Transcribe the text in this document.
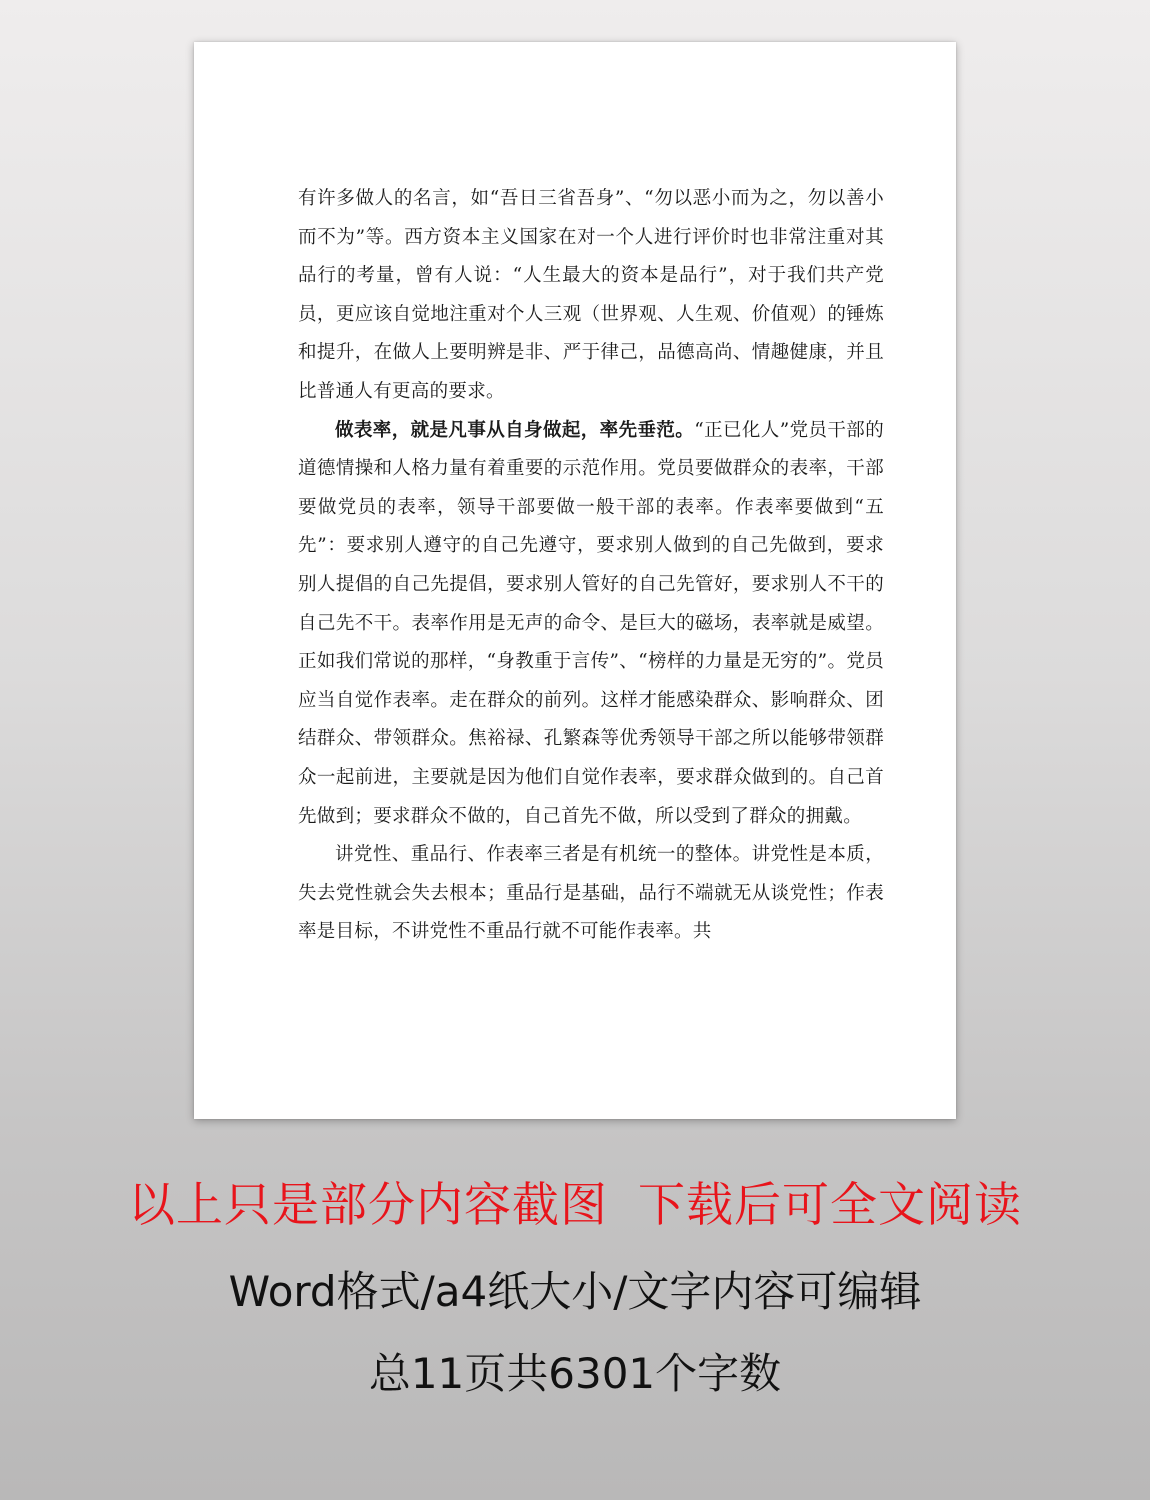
有许多做人的名言，如“吾日三省吾身”、“勿以恶小而为之，勿以善小而不为”等。西方资本主义国家在对一个人进行评价时也非常注重对其品行的考量，曾有人说：“人生最大的资本是品行”，对于我们共产党员，更应该自觉地注重对个人三观（世界观、人生观、价值观）的锤炼和提升，在做人上要明辨是非、严于律己，品德高尚、情趣健康，并且比普通人有更高的要求。

做表率，就是凡事从自身做起，率先垂范。“正已化人”党员干部的道德情操和人格力量有着重要的示范作用。党员要做群众的表率，干部要做党员的表率，领导干部要做一般干部的表率。作表率要做到“五先”：要求别人遵守的自己先遵守，要求别人做到的自己先做到，要求别人提倡的自己先提倡，要求别人管好的自己先管好，要求别人不干的自己先不干。表率作用是无声的命令、是巨大的磁场，表率就是威望。正如我们常说的那样，“身教重于言传”、“榜样的力量是无穷的”。党员应当自觉作表率。走在群众的前列。这样才能感染群众、影响群众、团结群众、带领群众。焦裕禄、孔繁森等优秀领导干部之所以能够带领群众一起前进，主要就是因为他们自觉作表率，要求群众做到的。自己首先做到；要求群众不做的，自己首先不做，所以受到了群众的拥戴。

讲党性、重品行、作表率三者是有机统一的整体。讲党性是本质，失去党性就会失去根本；重品行是基础，品行不端就无从谈党性；作表率是目标，不讲党性不重品行就不可能作表率。共

以上只是部分内容截图 下载后可全文阅读
Word格式/a4纸大小/文字内容可编辑
总11页共6301个字数
